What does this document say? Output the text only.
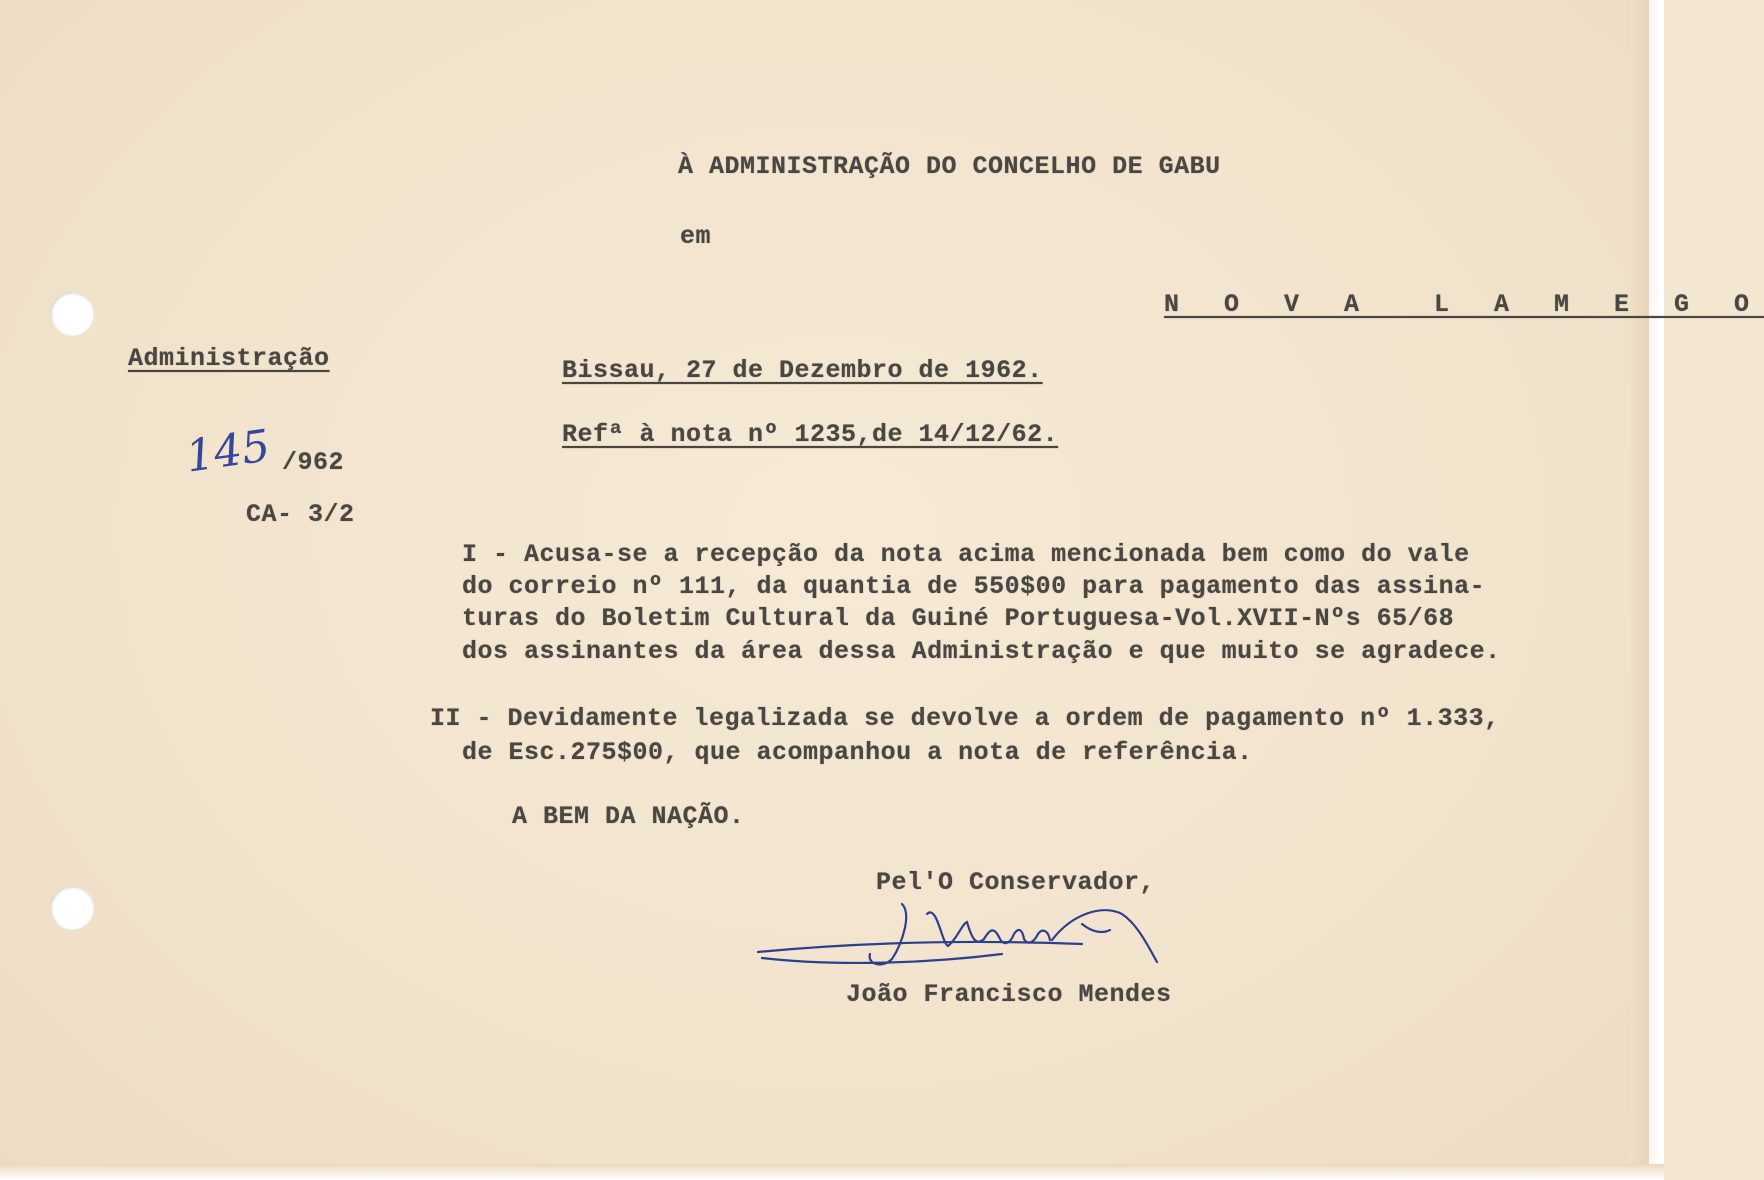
À ADMINISTRAÇÃO DO CONCELHO DE GABU
em
N O V A  L A M E G O
Administração
145 /962
CA- 3/2
Bissau, 27 de Dezembro de 1962.
Refª à nota nº 1235,de 14/12/62.
I - Acusa-se a recepção da nota acima mencionada bem como do vale
do correio nº 111, da quantia de 550$00 para pagamento das assina-
turas do Boletim Cultural da Guiné Portuguesa-Vol.XVII-Nºs 65/68
dos assinantes da área dessa Administração e que muito se agradece.
II - Devidamente legalizada se devolve a ordem de pagamento nº 1.333,
de Esc.275$00, que acompanhou a nota de referência.
A BEM DA NAÇÃO.
Pel'O Conservador,
João Francisco Mendes
